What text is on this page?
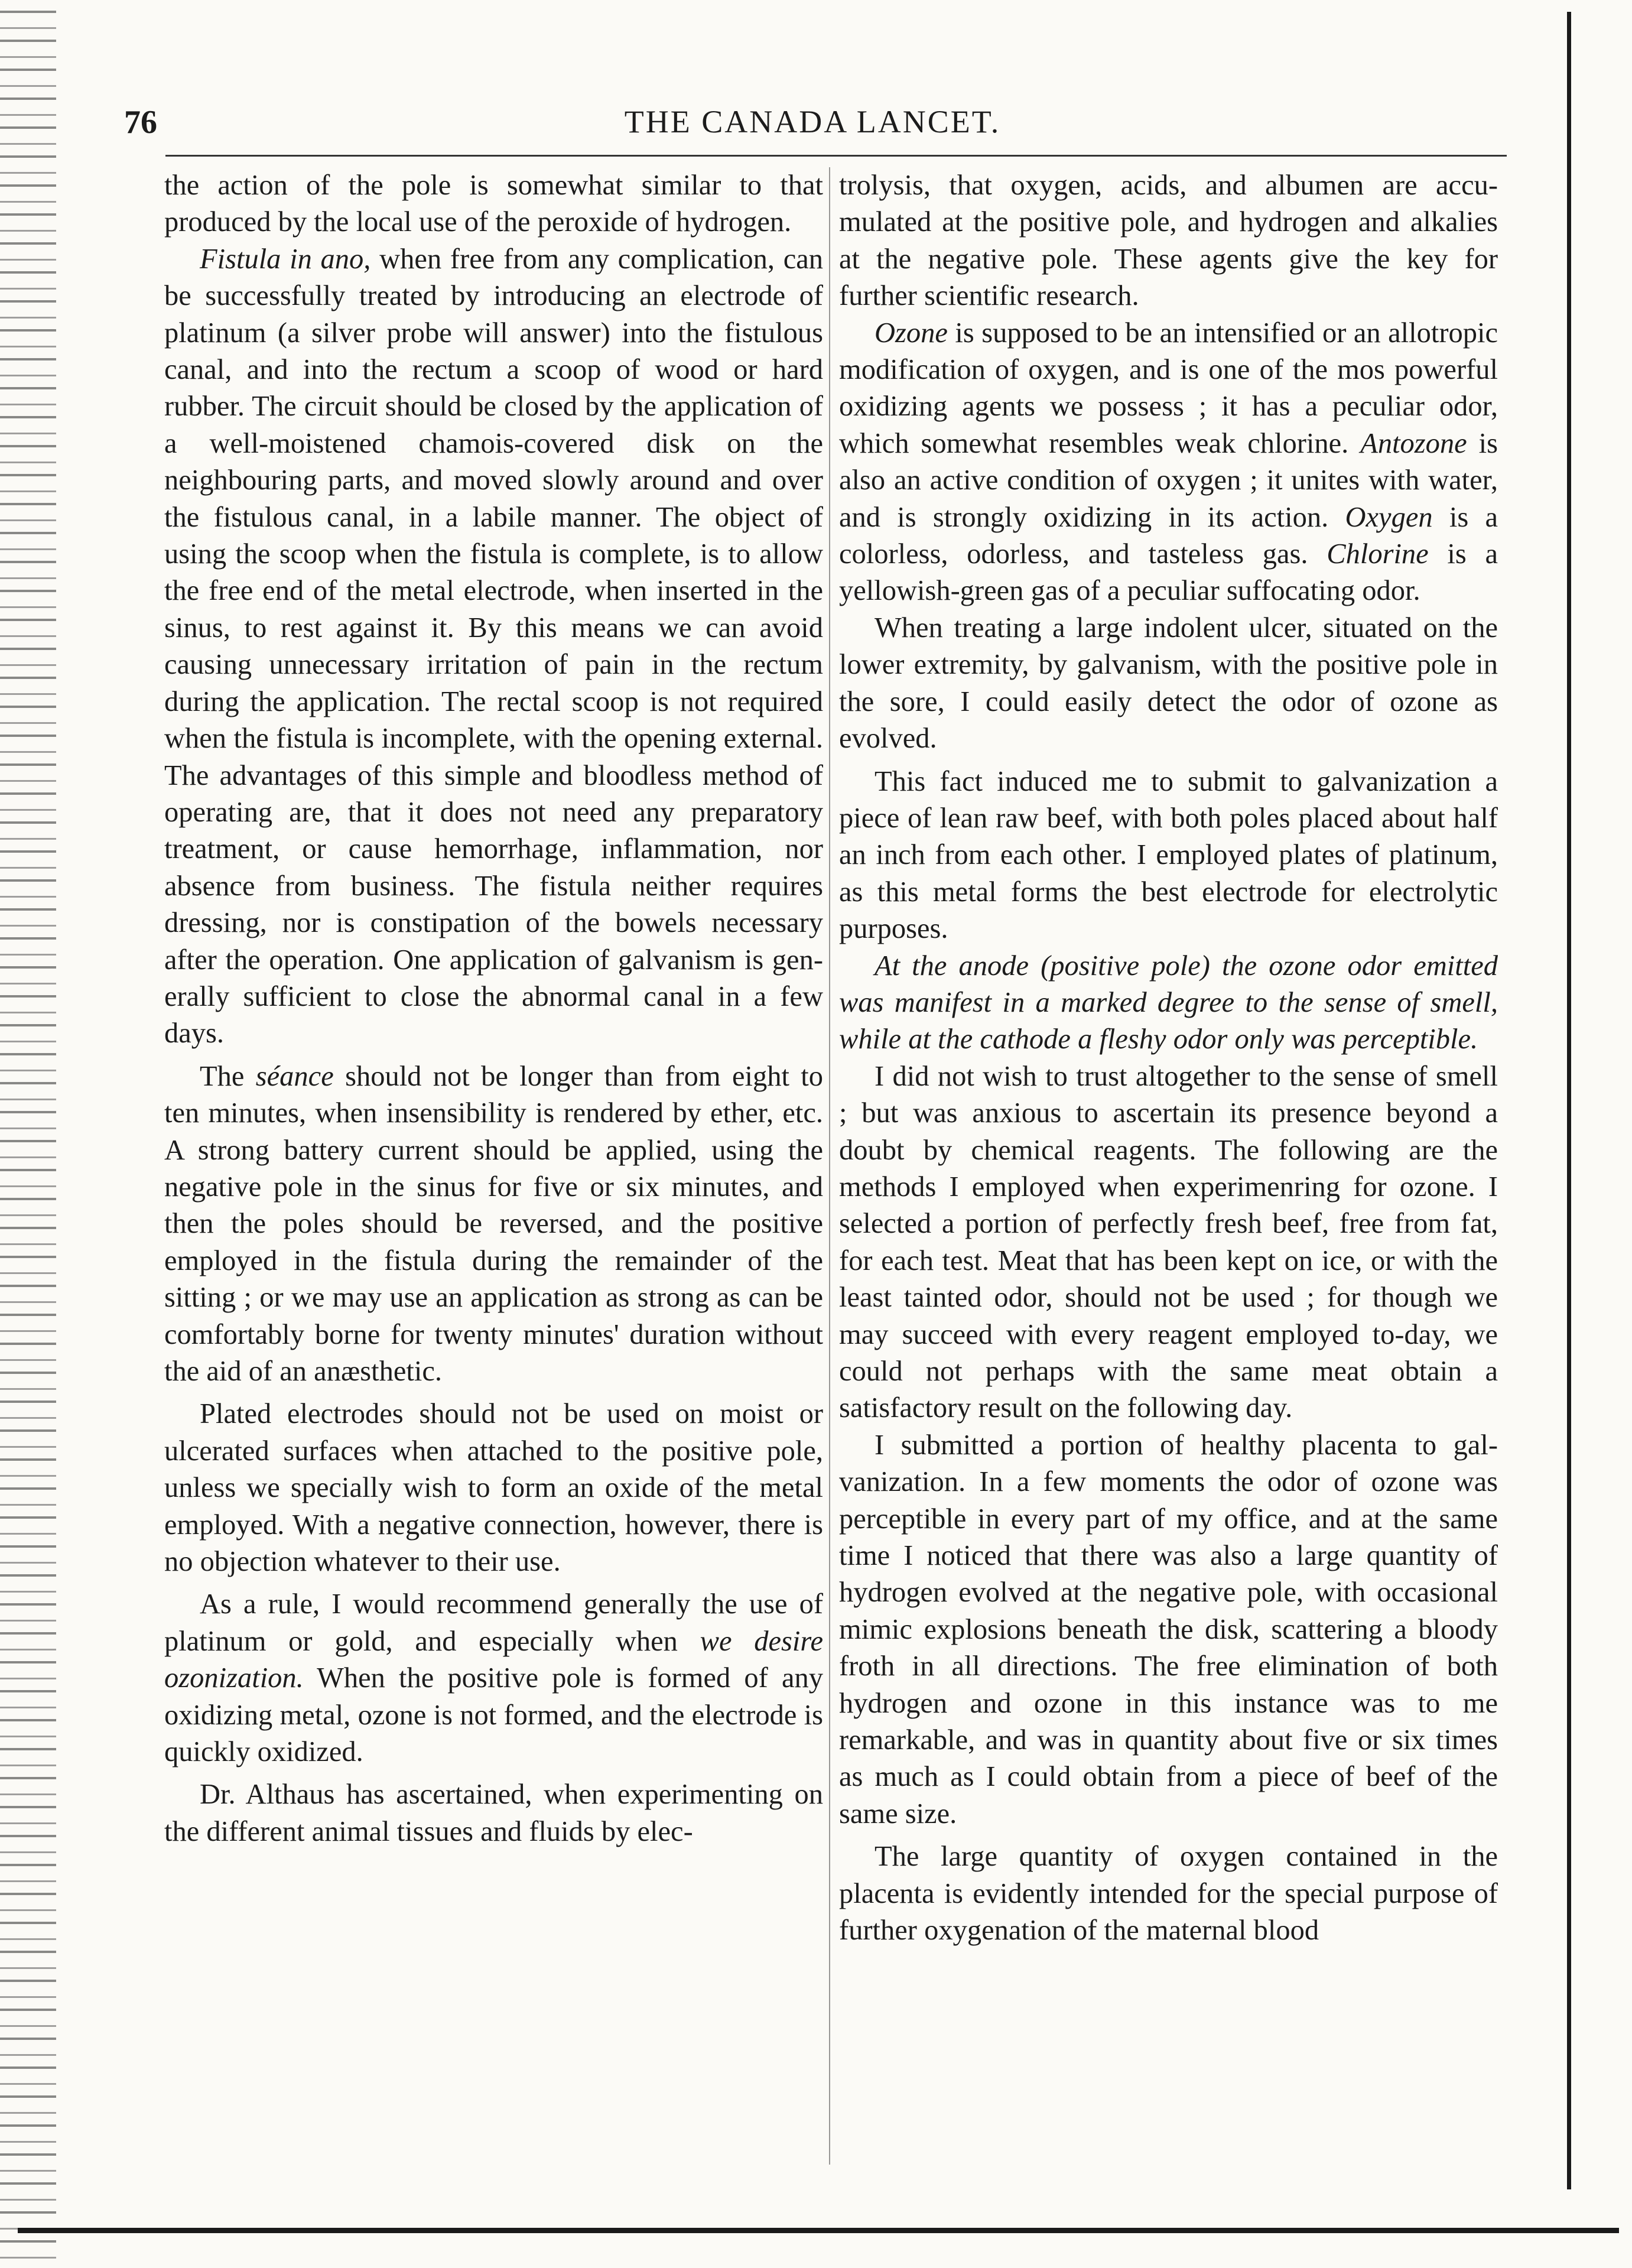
76	THE CANADA LANCET.

the action of the pole is somewhat similar to that produced by the local use of the peroxide of hydrogen.

Fistula in ano, when free from any complication, can be successfully treated by introducing an electrode of platinum (a silver probe will answer) into the fistulous canal, and into the rectum a scoop of wood or hard rubber. The circuit should be closed by the application of a well-moistened chamois-covered disk on the neighbouring parts, and moved slowly around and over the fistulous canal, in a labile manner. The object of using the scoop when the fistula is complete, is to allow the free end of the metal electrode, when inserted in the sinus, to rest against it. By this means we can avoid causing unnecessary irritation of pain in the rectum during the application. The rectal scoop is not required when the fistula is incomplete, with the opening external. The advantages of this simple and bloodless method of operating are, that it does not need any preparatory treatment, or cause hemorrhage, inflammation, nor absence from business. The fistula neither requires dressing, nor is constipation of the bowels necessary after the operation. One application of galvanism is generally sufficient to close the abnormal canal in a few days.

The séance should not be longer than from eight to ten minutes, when insensibility is rendered by ether, etc. A strong battery current should be applied, using the negative pole in the sinus for five or six minutes, and then the poles should be reversed, and the positive employed in the fistula during the remainder of the sitting ; or we may use an application as strong as can be comfortably borne for twenty minutes' duration without the aid of an anæsthetic.

Plated electrodes should not be used on moist or ulcerated surfaces when attached to the positive pole, unless we specially wish to form an oxide of the metal employed. With a negative connection, however, there is no objection whatever to their use.

As a rule, I would recommend generally the use of platinum or gold, and especially when we desire ozonization. When the positive pole is formed of any oxidizing metal, ozone is not formed, and the electrode is quickly oxidized.

Dr. Althaus has ascertained, when experimenting on the different animal tissues and fluids by elec-

trolysis, that oxygen, acids, and albumen are accumulated at the positive pole, and hydrogen and alkalies at the negative pole. These agents give the key for further scientific research.

Ozone is supposed to be an intensified or an allotropic modification of oxygen, and is one of the mos powerful oxidizing agents we possess ; it has a peculiar odor, which somewhat resembles weak chlorine. Antozone is also an active condition of oxygen ; it unites with water, and is strongly oxidizing in its action. Oxygen is a colorless, odorless, and tasteless gas. Chlorine is a yellowish-green gas of a peculiar suffocating odor.

When treating a large indolent ulcer, situated on the lower extremity, by galvanism, with the positive pole in the sore, I could easily detect the odor of ozone as evolved.

This fact induced me to submit to galvanization a piece of lean raw beef, with both poles placed about half an inch from each other. I employed plates of platinum, as this metal forms the best electrode for electrolytic purposes.

At the anode (positive pole) the ozone odor emitted was manifest in a marked degree to the sense of smell, while at the cathode a fleshy odor only was perceptible.

I did not wish to trust altogether to the sense of smell ; but was anxious to ascertain its presence beyond a doubt by chemical reagents. The following are the methods I employed when experimenring for ozone. I selected a portion of perfectly fresh beef, free from fat, for each test. Meat that has been kept on ice, or with the least tainted odor, should not be used ; for though we may succeed with every reagent employed to-day, we could not perhaps with the same meat obtain a satisfactory result on the following day.

I submitted a portion of healthy placenta to galvanization. In a few moments the odor of ozone was perceptible in every part of my office, and at the same time I noticed that there was also a large quantity of hydrogen evolved at the negative pole, with occasional mimic explosions beneath the disk, scattering a bloody froth in all directions. The free elimination of both hydrogen and ozone in this instance was to me remarkable, and was in quantity about five or six times as much as I could obtain from a piece of beef of the same size.

The large quantity of oxygen contained in the placenta is evidently intended for the special purpose of further oxygenation of the maternal blood
